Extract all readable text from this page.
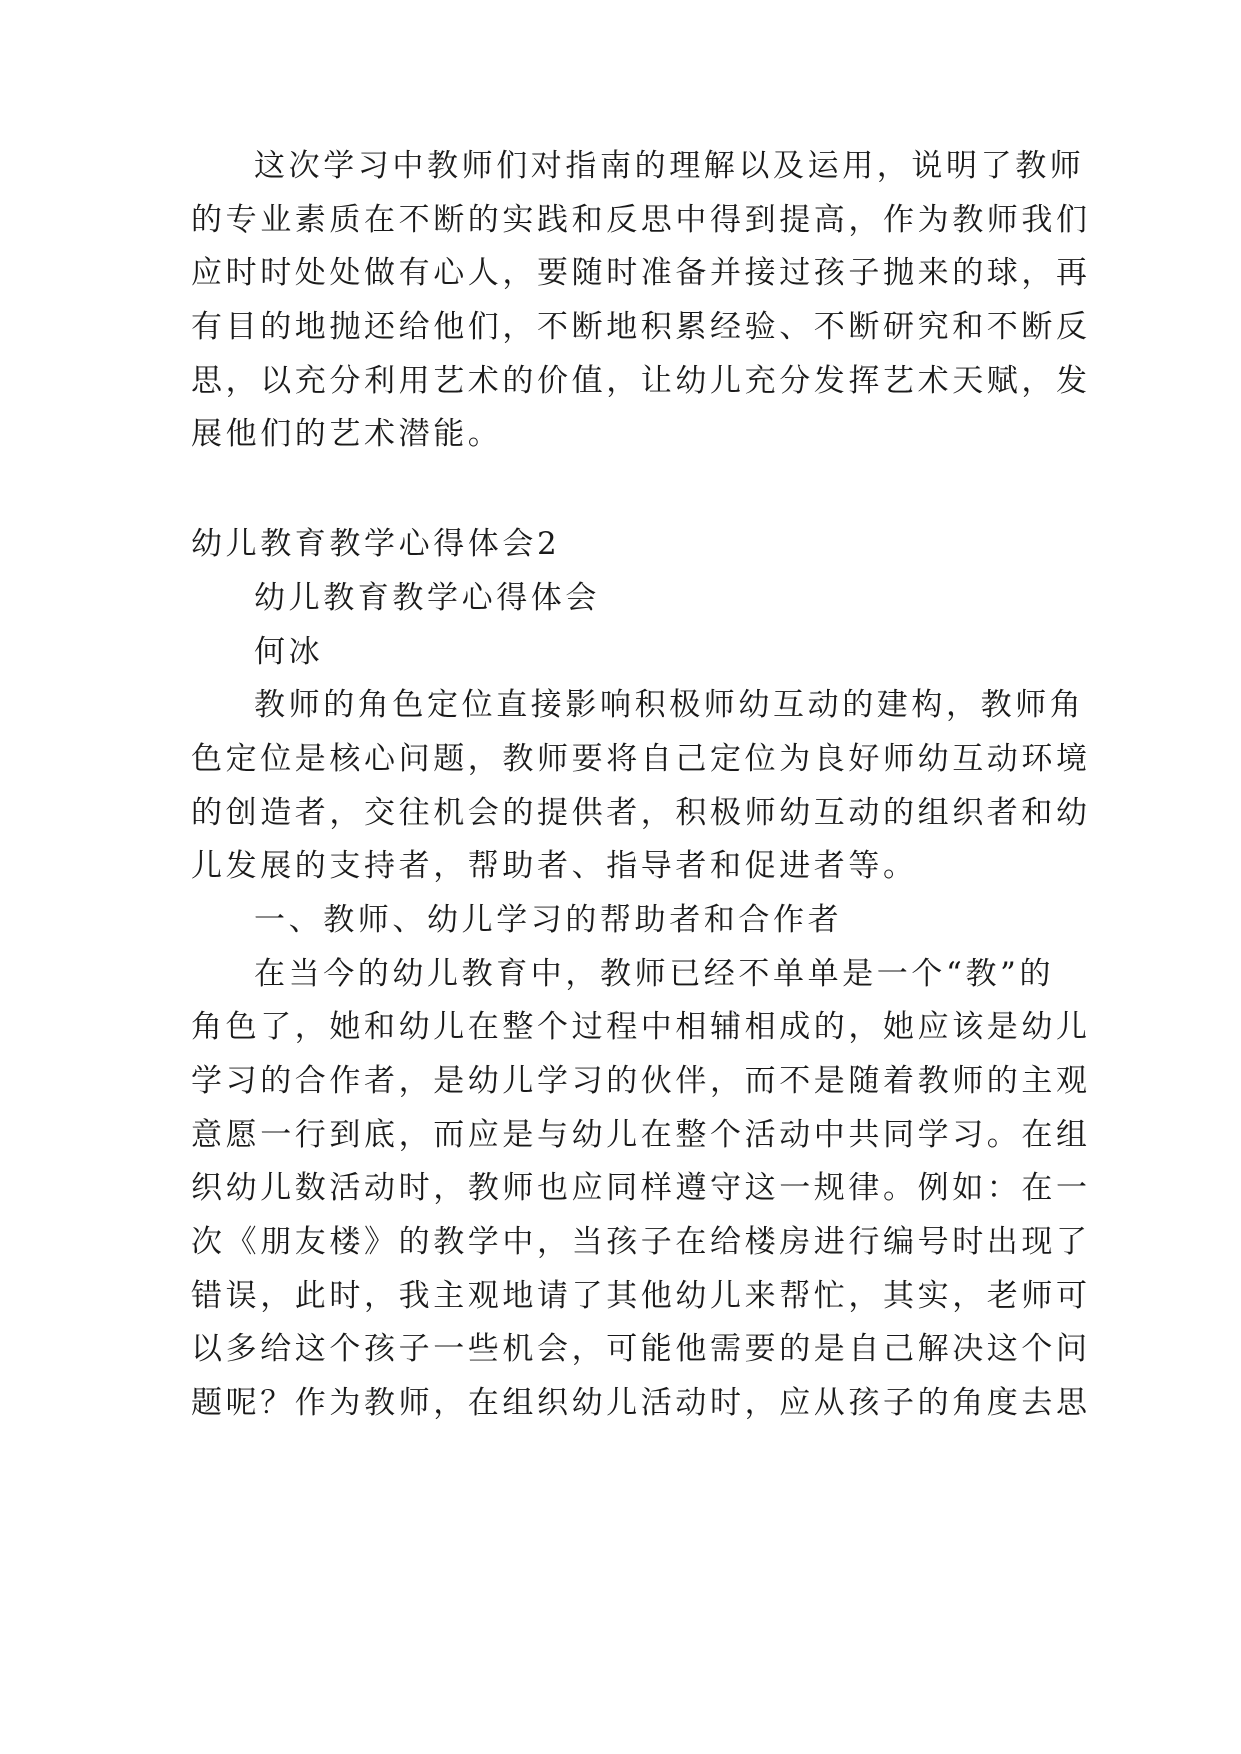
这次学习中教师们对指南的理解以及运用，说明了教师
的专业素质在不断的实践和反思中得到提高，作为教师我们
应时时处处做有心人，要随时准备并接过孩子抛来的球，再
有目的地抛还给他们，不断地积累经验、不断研究和不断反
思，以充分利用艺术的价值，让幼儿充分发挥艺术天赋，发
展他们的艺术潜能。
幼儿教育教学心得体会2
幼儿教育教学心得体会
何冰
教师的角色定位直接影响积极师幼互动的建构，教师角
色定位是核心问题，教师要将自己定位为良好师幼互动环境
的创造者，交往机会的提供者，积极师幼互动的组织者和幼
儿发展的支持者，帮助者、指导者和促进者等。
一、教师、幼儿学习的帮助者和合作者
在当今的幼儿教育中，教师已经不单单是一个“教”的
角色了，她和幼儿在整个过程中相辅相成的，她应该是幼儿
学习的合作者，是幼儿学习的伙伴，而不是随着教师的主观
意愿一行到底，而应是与幼儿在整个活动中共同学习。在组
织幼儿数活动时，教师也应同样遵守这一规律。例如：在一
次《朋友楼》的教学中，当孩子在给楼房进行编号时出现了
错误，此时，我主观地请了其他幼儿来帮忙，其实，老师可
以多给这个孩子一些机会，可能他需要的是自己解决这个问
题呢？作为教师，在组织幼儿活动时，应从孩子的角度去思
